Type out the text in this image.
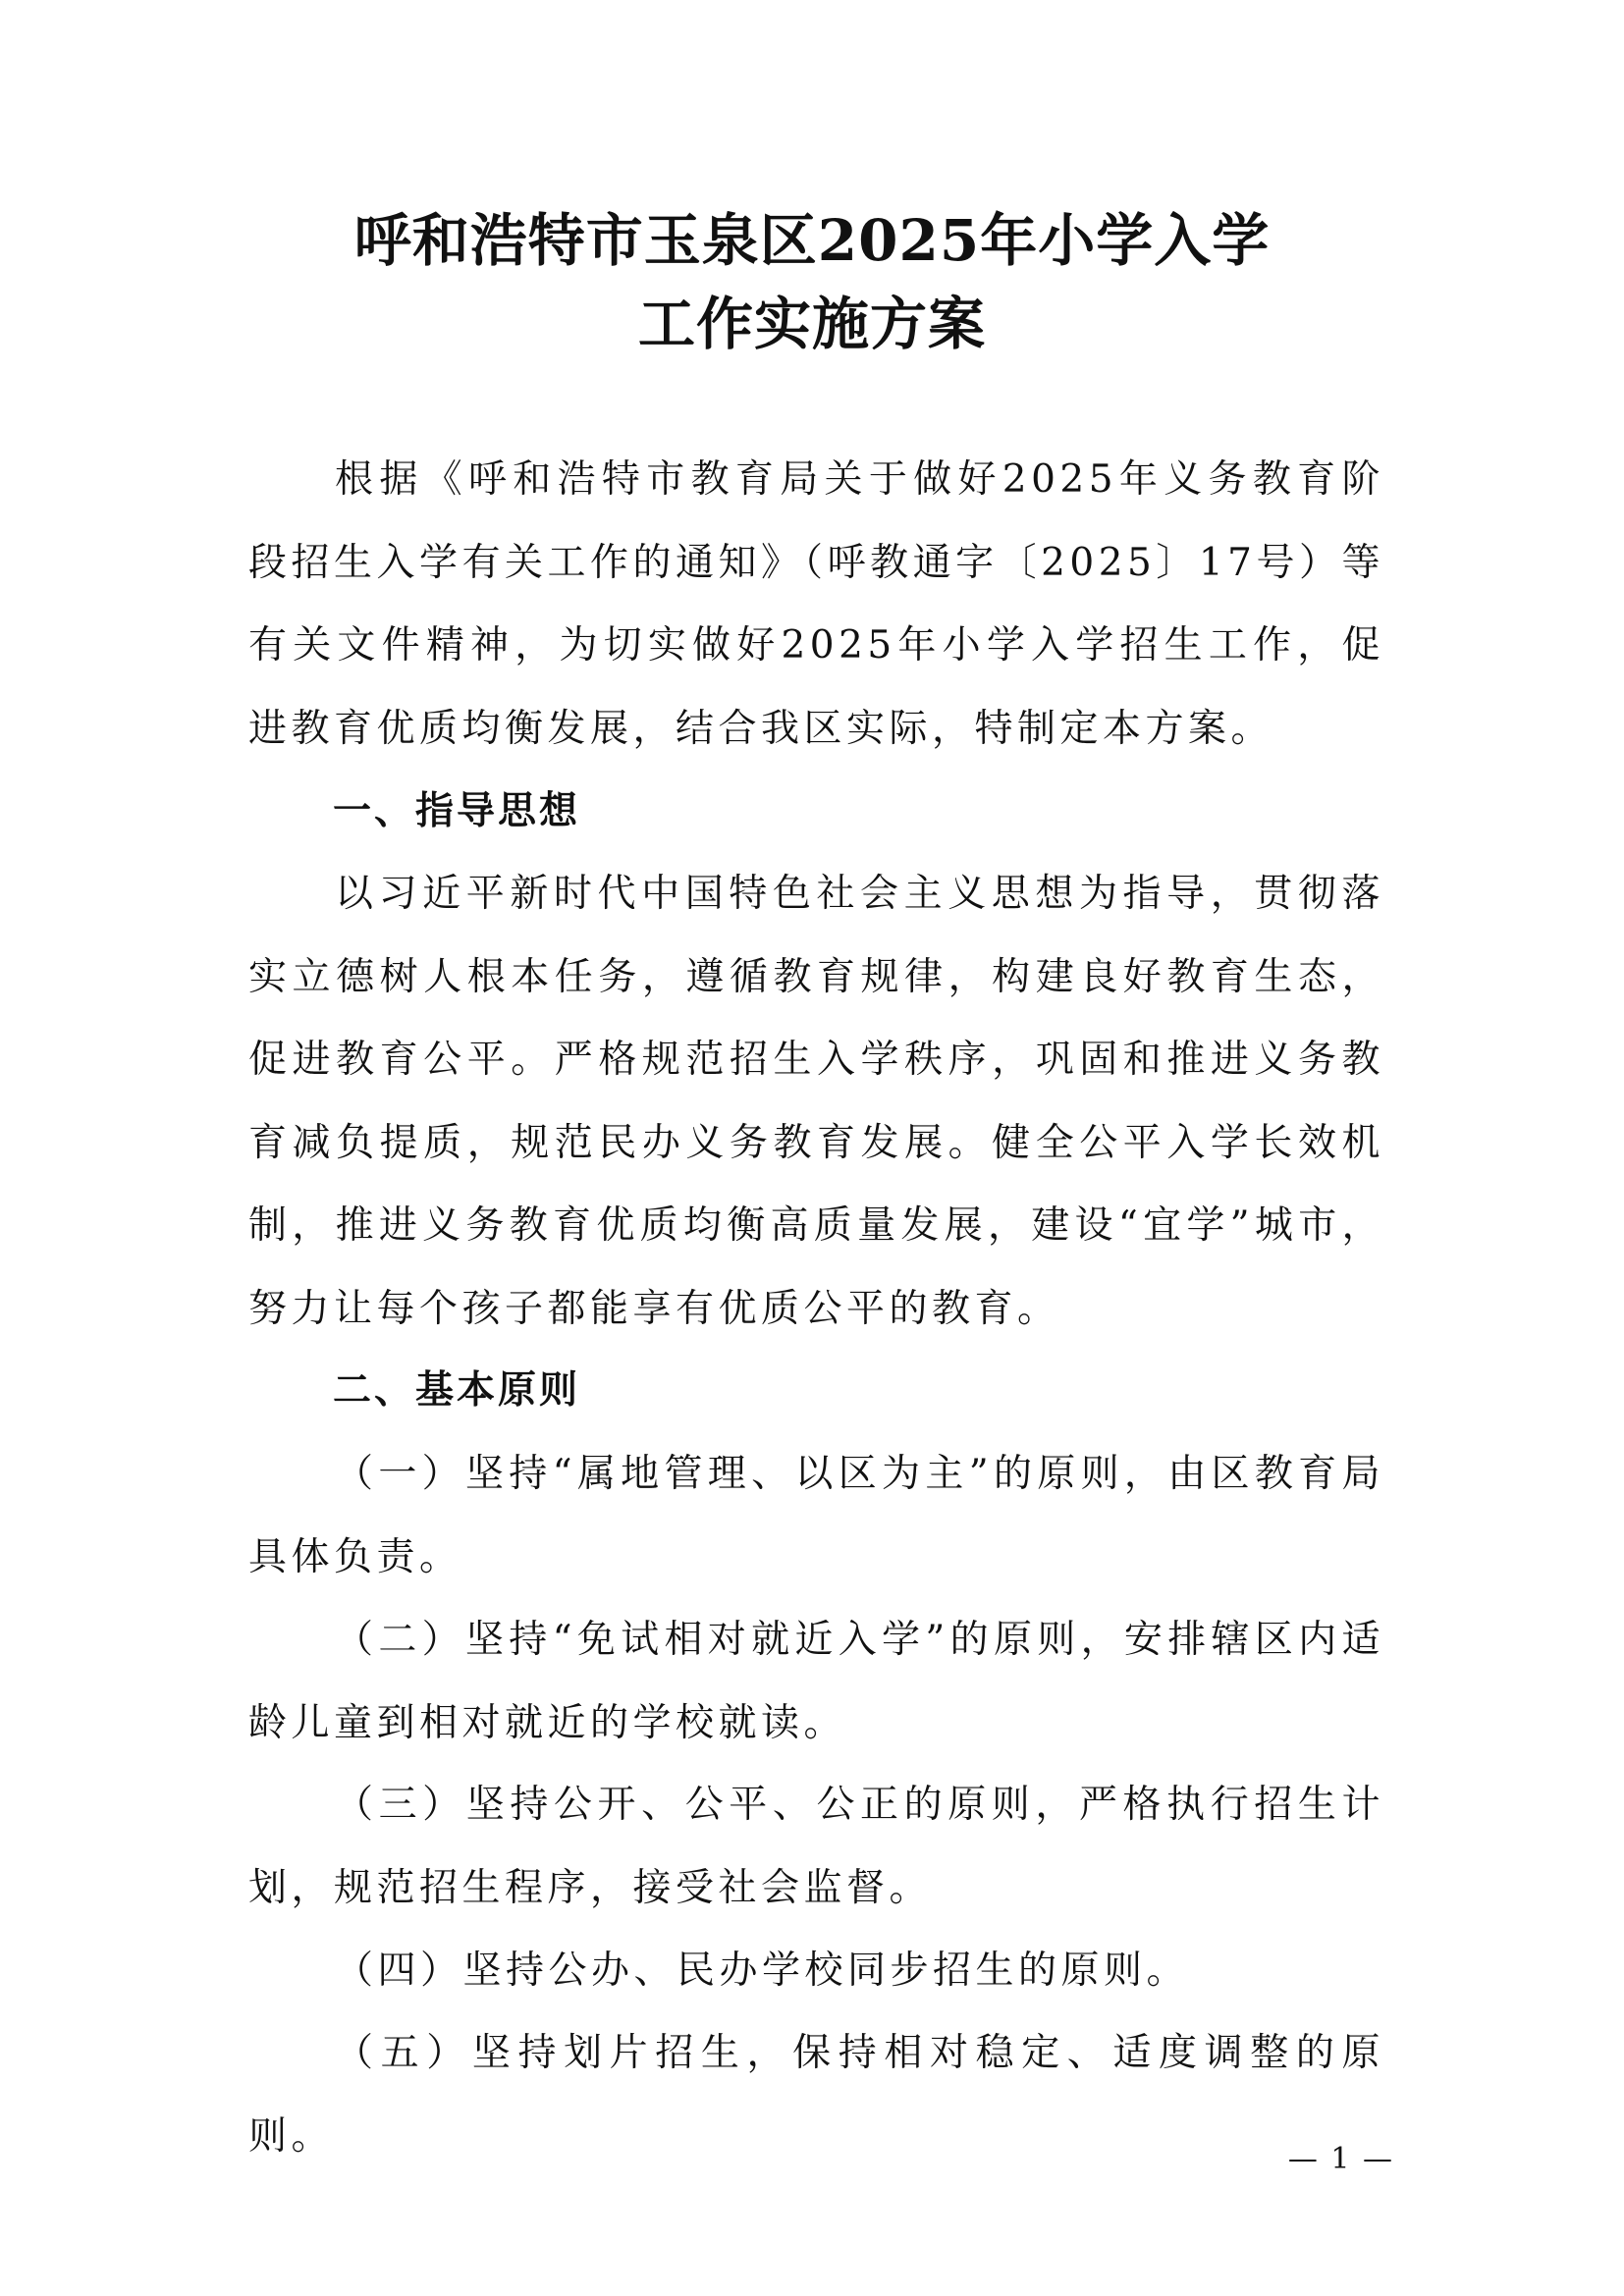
呼和浩特市玉泉区2025年小学入学
工作实施方案

根据《呼和浩特市教育局关于做好2025年义务教育阶段招生入学有关工作的通知》（呼教通字〔2025〕17号）等有关文件精神，为切实做好2025年小学入学招生工作，促进教育优质均衡发展，结合我区实际，特制定本方案。

一、指导思想

以习近平新时代中国特色社会主义思想为指导，贯彻落实立德树人根本任务，遵循教育规律，构建良好教育生态，促进教育公平。严格规范招生入学秩序，巩固和推进义务教育减负提质，规范民办义务教育发展。健全公平入学长效机制，推进义务教育优质均衡高质量发展，建设“宜学”城市，努力让每个孩子都能享有优质公平的教育。

二、基本原则

（一）坚持“属地管理、以区为主”的原则，由区教育局具体负责。

（二）坚持“免试相对就近入学”的原则，安排辖区内适龄儿童到相对就近的学校就读。

（三）坚持公开、公平、公正的原则，严格执行招生计划，规范招生程序，接受社会监督。

（四）坚持公办、民办学校同步招生的原则。

（五）坚持划片招生，保持相对稳定、适度调整的原则。

— 1 —
